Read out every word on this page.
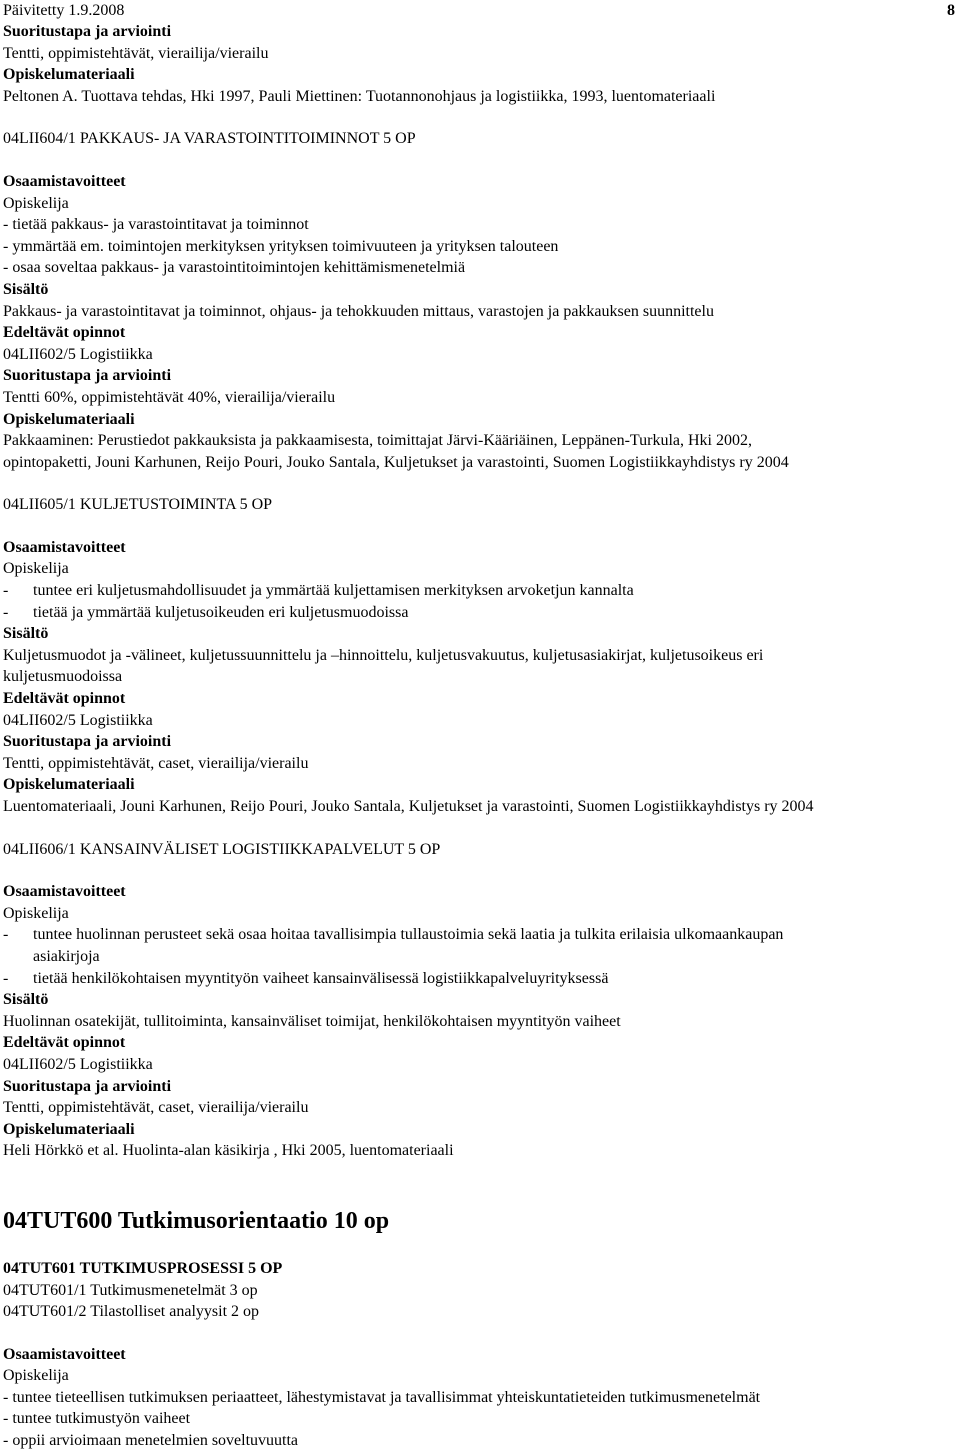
Päivitetty 1.9.2008	8
Suoritustapa ja arviointi
Tentti, oppimistehtävät, vierailija/vierailu
Opiskelumateriaali
Peltonen A. Tuottava tehdas, Hki 1997, Pauli Miettinen: Tuotannonohjaus ja logistiikka, 1993, luentomateriaali
04LII604/1 PAKKAUS- JA VARASTOINTITOIMINNOT 5 OP
Osaamistavoitteet
Opiskelija
- tietää pakkaus- ja varastointitavat ja toiminnot
- ymmärtää em. toimintojen merkityksen yrityksen toimivuuteen ja yrityksen talouteen
- osaa soveltaa pakkaus- ja varastointitoimintojen kehittämismenetelmiä
Sisältö
Pakkaus- ja varastointitavat ja toiminnot, ohjaus- ja tehokkuuden mittaus, varastojen ja pakkauksen suunnittelu
Edeltävät opinnot
04LII602/5 Logistiikka
Suoritustapa ja arviointi
Tentti 60%, oppimistehtävät 40%, vierailija/vierailu
Opiskelumateriaali
Pakkaaminen: Perustiedot pakkauksista ja pakkaamisesta, toimittajat Järvi-Kääriäinen, Leppänen-Turkula, Hki 2002,
opintopaketti, Jouni Karhunen, Reijo Pouri, Jouko Santala, Kuljetukset ja varastointi, Suomen Logistiikkayhdistys ry 2004
04LII605/1 KULJETUSTOIMINTA 5 OP
Osaamistavoitteet
Opiskelija
-	tuntee eri kuljetusmahdollisuudet ja ymmärtää kuljettamisen merkityksen arvoketjun kannalta
-	tietää ja ymmärtää kuljetusoikeuden eri kuljetusmuodoissa
Sisältö
Kuljetusmuodot ja -välineet, kuljetussuunnittelu ja –hinnoittelu, kuljetusvakuutus, kuljetusasiakirjat, kuljetusoikeus eri
kuljetusmuodoissa
Edeltävät opinnot
04LII602/5 Logistiikka
Suoritustapa ja arviointi
Tentti, oppimistehtävät, caset, vierailija/vierailu
Opiskelumateriaali
Luentomateriaali, Jouni Karhunen, Reijo Pouri, Jouko Santala, Kuljetukset ja varastointi, Suomen Logistiikkayhdistys ry 2004
04LII606/1 KANSAINVÄLISET LOGISTIIKKAPALVELUT 5 OP
Osaamistavoitteet
Opiskelija
-	tuntee huolinnan perusteet sekä osaa hoitaa tavallisimpia tullaustoimia sekä laatia ja tulkita erilaisia ulkomaankaupan
asiakirjoja
-	tietää henkilökohtaisen myyntityön vaiheet kansainvälisessä logistiikkapalveluyrityksessä
Sisältö
Huolinnan osatekijät, tullitoiminta, kansainväliset toimijat, henkilökohtaisen myyntityön vaiheet
Edeltävät opinnot
04LII602/5 Logistiikka
Suoritustapa ja arviointi
Tentti, oppimistehtävät, caset, vierailija/vierailu
Opiskelumateriaali
Heli Hörkkö et al. Huolinta-alan käsikirja , Hki 2005, luentomateriaali
04TUT600 Tutkimusorientaatio 10 op
04TUT601 TUTKIMUSPROSESSI 5 OP
04TUT601/1 Tutkimusmenetelmät 3 op
04TUT601/2 Tilastolliset analyysit 2 op
Osaamistavoitteet
Opiskelija
- tuntee tieteellisen tutkimuksen periaatteet, lähestymistavat ja tavallisimmat yhteiskuntatieteiden tutkimusmenetelmät
- tuntee tutkimustyön vaiheet
- oppii arvioimaan menetelmien soveltuvuutta
